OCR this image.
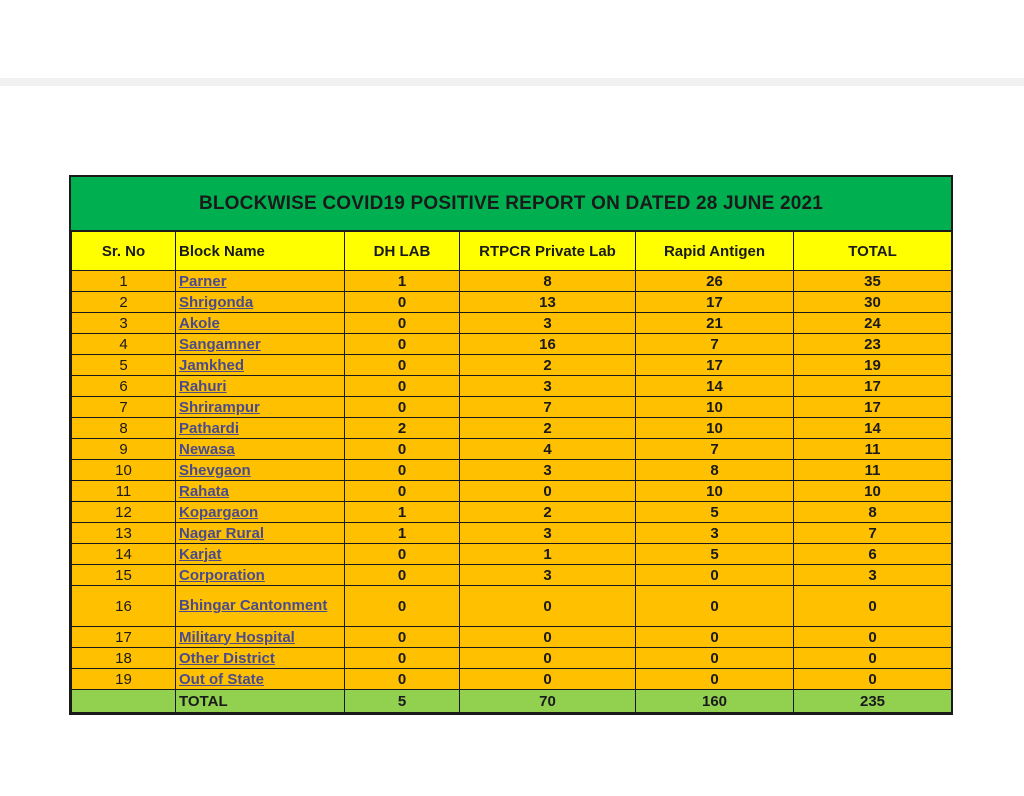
BLOCKWISE COVID19 POSITIVE REPORT ON DATED 28 JUNE 2021
Sr. No	Block Name	DH LAB	RTPCR Private Lab	Rapid Antigen	TOTAL
1	Parner	1	8	26	35
2	Shrigonda	0	13	17	30
3	Akole	0	3	21	24
4	Sangamner	0	16	7	23
5	Jamkhed	0	2	17	19
6	Rahuri	0	3	14	17
7	Shrirampur	0	7	10	17
8	Pathardi	2	2	10	14
9	Newasa	0	4	7	11
10	Shevgaon	0	3	8	11
11	Rahata	0	0	10	10
12	Kopargaon	1	2	5	8
13	Nagar Rural	1	3	3	7
14	Karjat	0	1	5	6
15	Corporation	0	3	0	3
16	Bhingar Cantonment	0	0	0	0
17	Military Hospital	0	0	0	0
18	Other District	0	0	0	0
19	Out of State	0	0	0	0
	TOTAL	5	70	160	235
